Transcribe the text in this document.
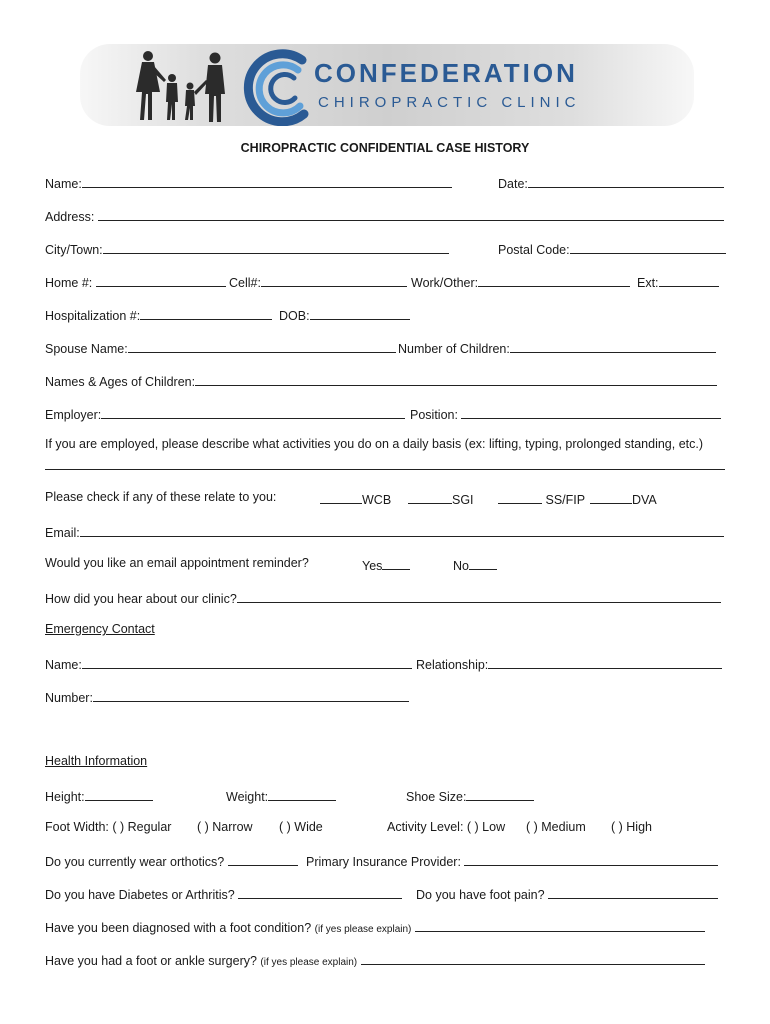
CONFEDERATION
CHIROPRACTIC CLINIC
CHIROPRACTIC CONFIDENTIAL CASE HISTORY
Name:	Date:
Address:
City/Town:	Postal Code:
Home #:	Cell#:	Work/Other:	Ext:
Hospitalization #:	DOB:
Spouse Name:	Number of Children:
Names & Ages of Children:
Employer:	Position:
If you are employed, please describe what activities you do on a daily basis (ex: lifting, typing, prolonged standing, etc.)
Please check if any of these relate to you:	WCB	SGI	SS/FIP	DVA
Email:
Would you like an email appointment reminder?	Yes	No
How did you hear about our clinic?
Emergency Contact
Name:	Relationship:
Number:
Health Information
Height:	Weight:	Shoe Size:
Foot Width: ( ) Regular ( ) Narrow ( ) Wide	Activity Level: ( ) Low ( ) Medium ( ) High
Do you currently wear orthotics?	Primary Insurance Provider:
Do you have Diabetes or Arthritis?	Do you have foot pain?
Have you been diagnosed with a foot condition? (if yes please explain)
Have you had a foot or ankle surgery? (if yes please explain)
